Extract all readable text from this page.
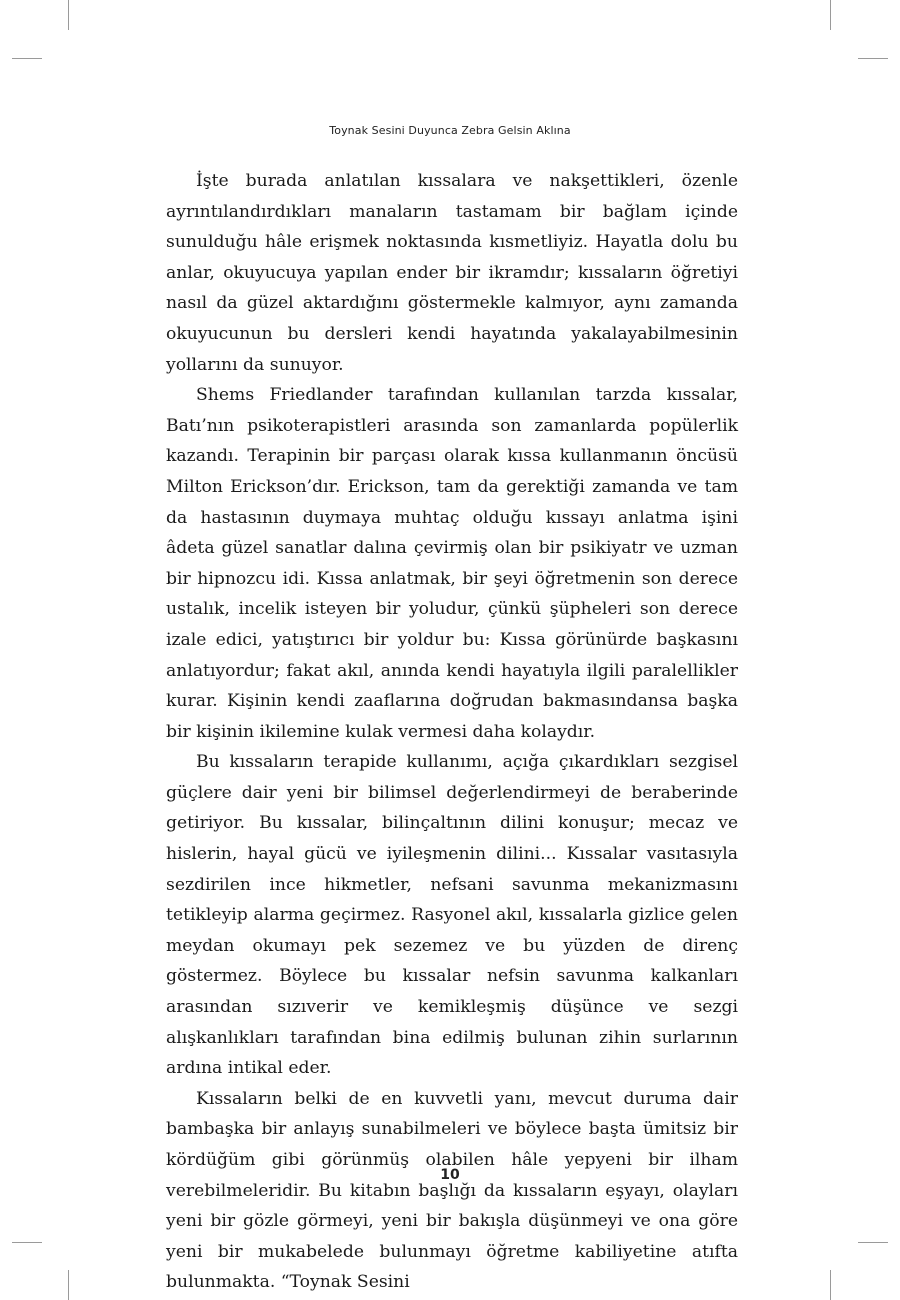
Toynak Sesini Duyunca Zebra Gelsin Aklına

İşte burada anlatılan kıssalara ve nakşettikleri, özenle ayrıntılandırdıkları manaların tastamam bir bağlam içinde sunulduğu hâle erişmek noktasında kısmetliyiz. Hayatla dolu bu anlar, okuyucuya yapılan ender bir ikramdır; kıssaların öğretiyi nasıl da güzel aktardığını göstermekle kalmıyor, aynı zamanda okuyucunun bu dersleri kendi hayatında yakalayabilmesinin yollarını da sunuyor.

Shems Friedlander tarafından kullanılan tarzda kıssalar, Batı’nın psikoterapistleri arasında son zamanlarda popülerlik kazandı. Terapinin bir parçası olarak kıssa kullanmanın öncüsü Milton Erickson’dır. Erickson, tam da gerektiği zamanda ve tam da hastasının duymaya muhtaç olduğu kıssayı anlatma işini âdeta güzel sanatlar dalına çevirmiş olan bir psikiyatr ve uzman bir hipnozcu idi. Kıssa anlatmak, bir şeyi öğretmenin son derece ustalık, incelik isteyen bir yoludur, çünkü şüpheleri son derece izale edici, yatıştırıcı bir yoldur bu: Kıssa görünürde başkasını anlatıyordur; fakat akıl, anında kendi hayatıyla ilgili paralellikler kurar. Kişinin kendi zaaflarına doğrudan bakmasındansa başka bir kişinin ikilemine kulak vermesi daha kolaydır.

Bu kıssaların terapide kullanımı, açığa çıkardıkları sezgisel güçlere dair yeni bir bilimsel değerlendirmeyi de beraberinde getiriyor. Bu kıssalar, bilinçaltının dilini konuşur; mecaz ve hislerin, hayal gücü ve iyileşmenin dilini... Kıssalar vasıtasıyla sezdirilen ince hikmetler, nefsani savunma mekanizmasını tetikleyip alarma geçirmez. Rasyonel akıl, kıssalarla gizlice gelen meydan okumayı pek sezemez ve bu yüzden de direnç göstermez. Böylece bu kıssalar nefsin savunma kalkanları arasından sızıverir ve kemikleşmiş düşünce ve sezgi alışkanlıkları tarafından bina edilmiş bulunan zihin surlarının ardına intikal eder.

Kıssaların belki de en kuvvetli yanı, mevcut duruma dair bambaşka bir anlayış sunabilmeleri ve böylece başta ümitsiz bir kördüğüm gibi görünmüş olabilen hâle yepyeni bir ilham verebilmeleridir. Bu kitabın başlığı da kıssaların eşyayı, olayları yeni bir gözle görmeyi, yeni bir bakışla düşünmeyi ve ona göre yeni bir mukabelede bulunmayı öğretme kabiliyetine atıfta bulunmakta. “Toynak Sesini

10
